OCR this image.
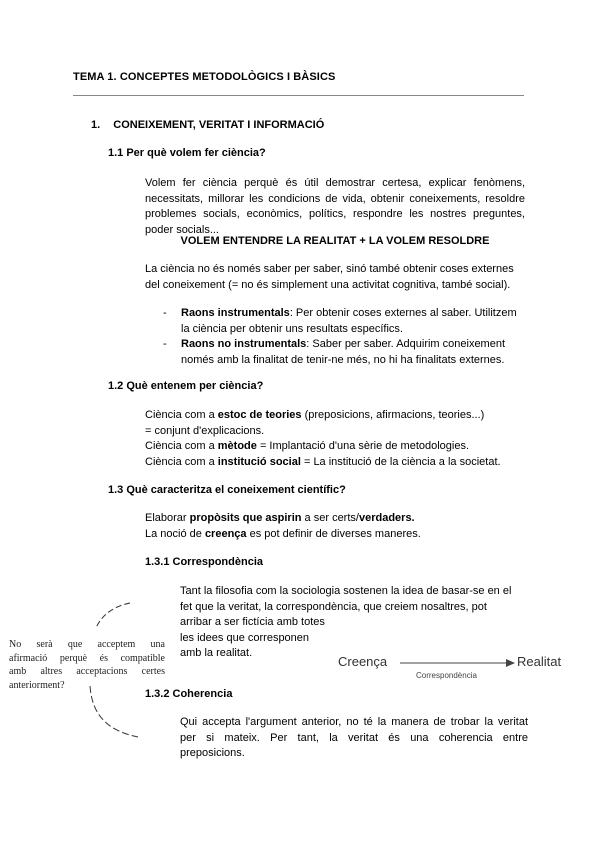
TEMA 1. CONCEPTES METODOLÒGICS I BÀSICS
1. CONEIXEMENT, VERITAT I INFORMACIÓ
1.1 Per què volem fer ciència?
Volem fer ciència perquè és útil demostrar certesa, explicar fenòmens,
necessitats, millorar les condicions de vida, obtenir coneixements, resoldre
problemes socials, econòmics, polítics, respondre les nostres preguntes,
poder socials...
VOLEM ENTENDRE LA REALITAT + LA VOLEM RESOLDRE
La ciència no és només saber per saber, sinó també obtenir coses externes
del coneixement (= no és simplement una activitat cognitiva, també social).
- Raons instrumentals: Per obtenir coses externes al saber. Utilitzem
la ciència per obtenir uns resultats específics.
- Raons no instrumentals: Saber per saber. Adquirim coneixement
només amb la finalitat de tenir-ne més, no hi ha finalitats externes.
1.2 Què entenem per ciència?
Ciència com a estoc de teories (preposicions, afirmacions, teories...)
= conjunt d'explicacions.
Ciència com a mètode = Implantació d'una sèrie de metodologies.
Ciència com a institució social = La institució de la ciència a la societat.
1.3 Què caracteritza el coneixement científic?
Elaborar propòsits que aspirin a ser certs/verdaders.
La noció de creença es pot definir de diverses maneres.
1.3.1 Correspondència
Tant la filosofia com la sociologia sostenen la idea de basar-se en el
fet que la veritat, la correspondència, que creiem nosaltres, pot
arribar a ser fictícia amb totes
les idees que corresponen
amb la realitat.
Creença	Realitat
Correspondència
No serà que acceptem una
afirmació perquè és compatible
amb altres acceptacions certes
anteriorment?
1.3.2 Coherencia
Qui accepta l'argument anterior, no té la manera de trobar la veritat
per si mateix. Per tant, la veritat és una coherencia entre
preposicions.
